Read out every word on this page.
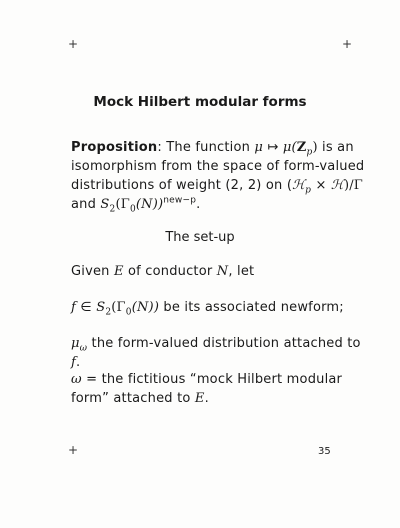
+	+
+
Mock Hilbert modular forms
Proposition: The function μ ↦ $\mu(Z_p)$ is an isomorphism from the space of form-valued distributions of weight (2, 2) on (ℋ$_p$ × ℋ)/Γ and $S_2(\Gamma_0(N))^{new-p}$.
The set-up
Given E of conductor N, let
f ∈ $S_2(\Gamma_0(N))$ be its associated newform;
$\mu_\omega$ the form-valued distribution attached to f.
ω = the fictitious “mock Hilbert modular form” attached to E.
35
